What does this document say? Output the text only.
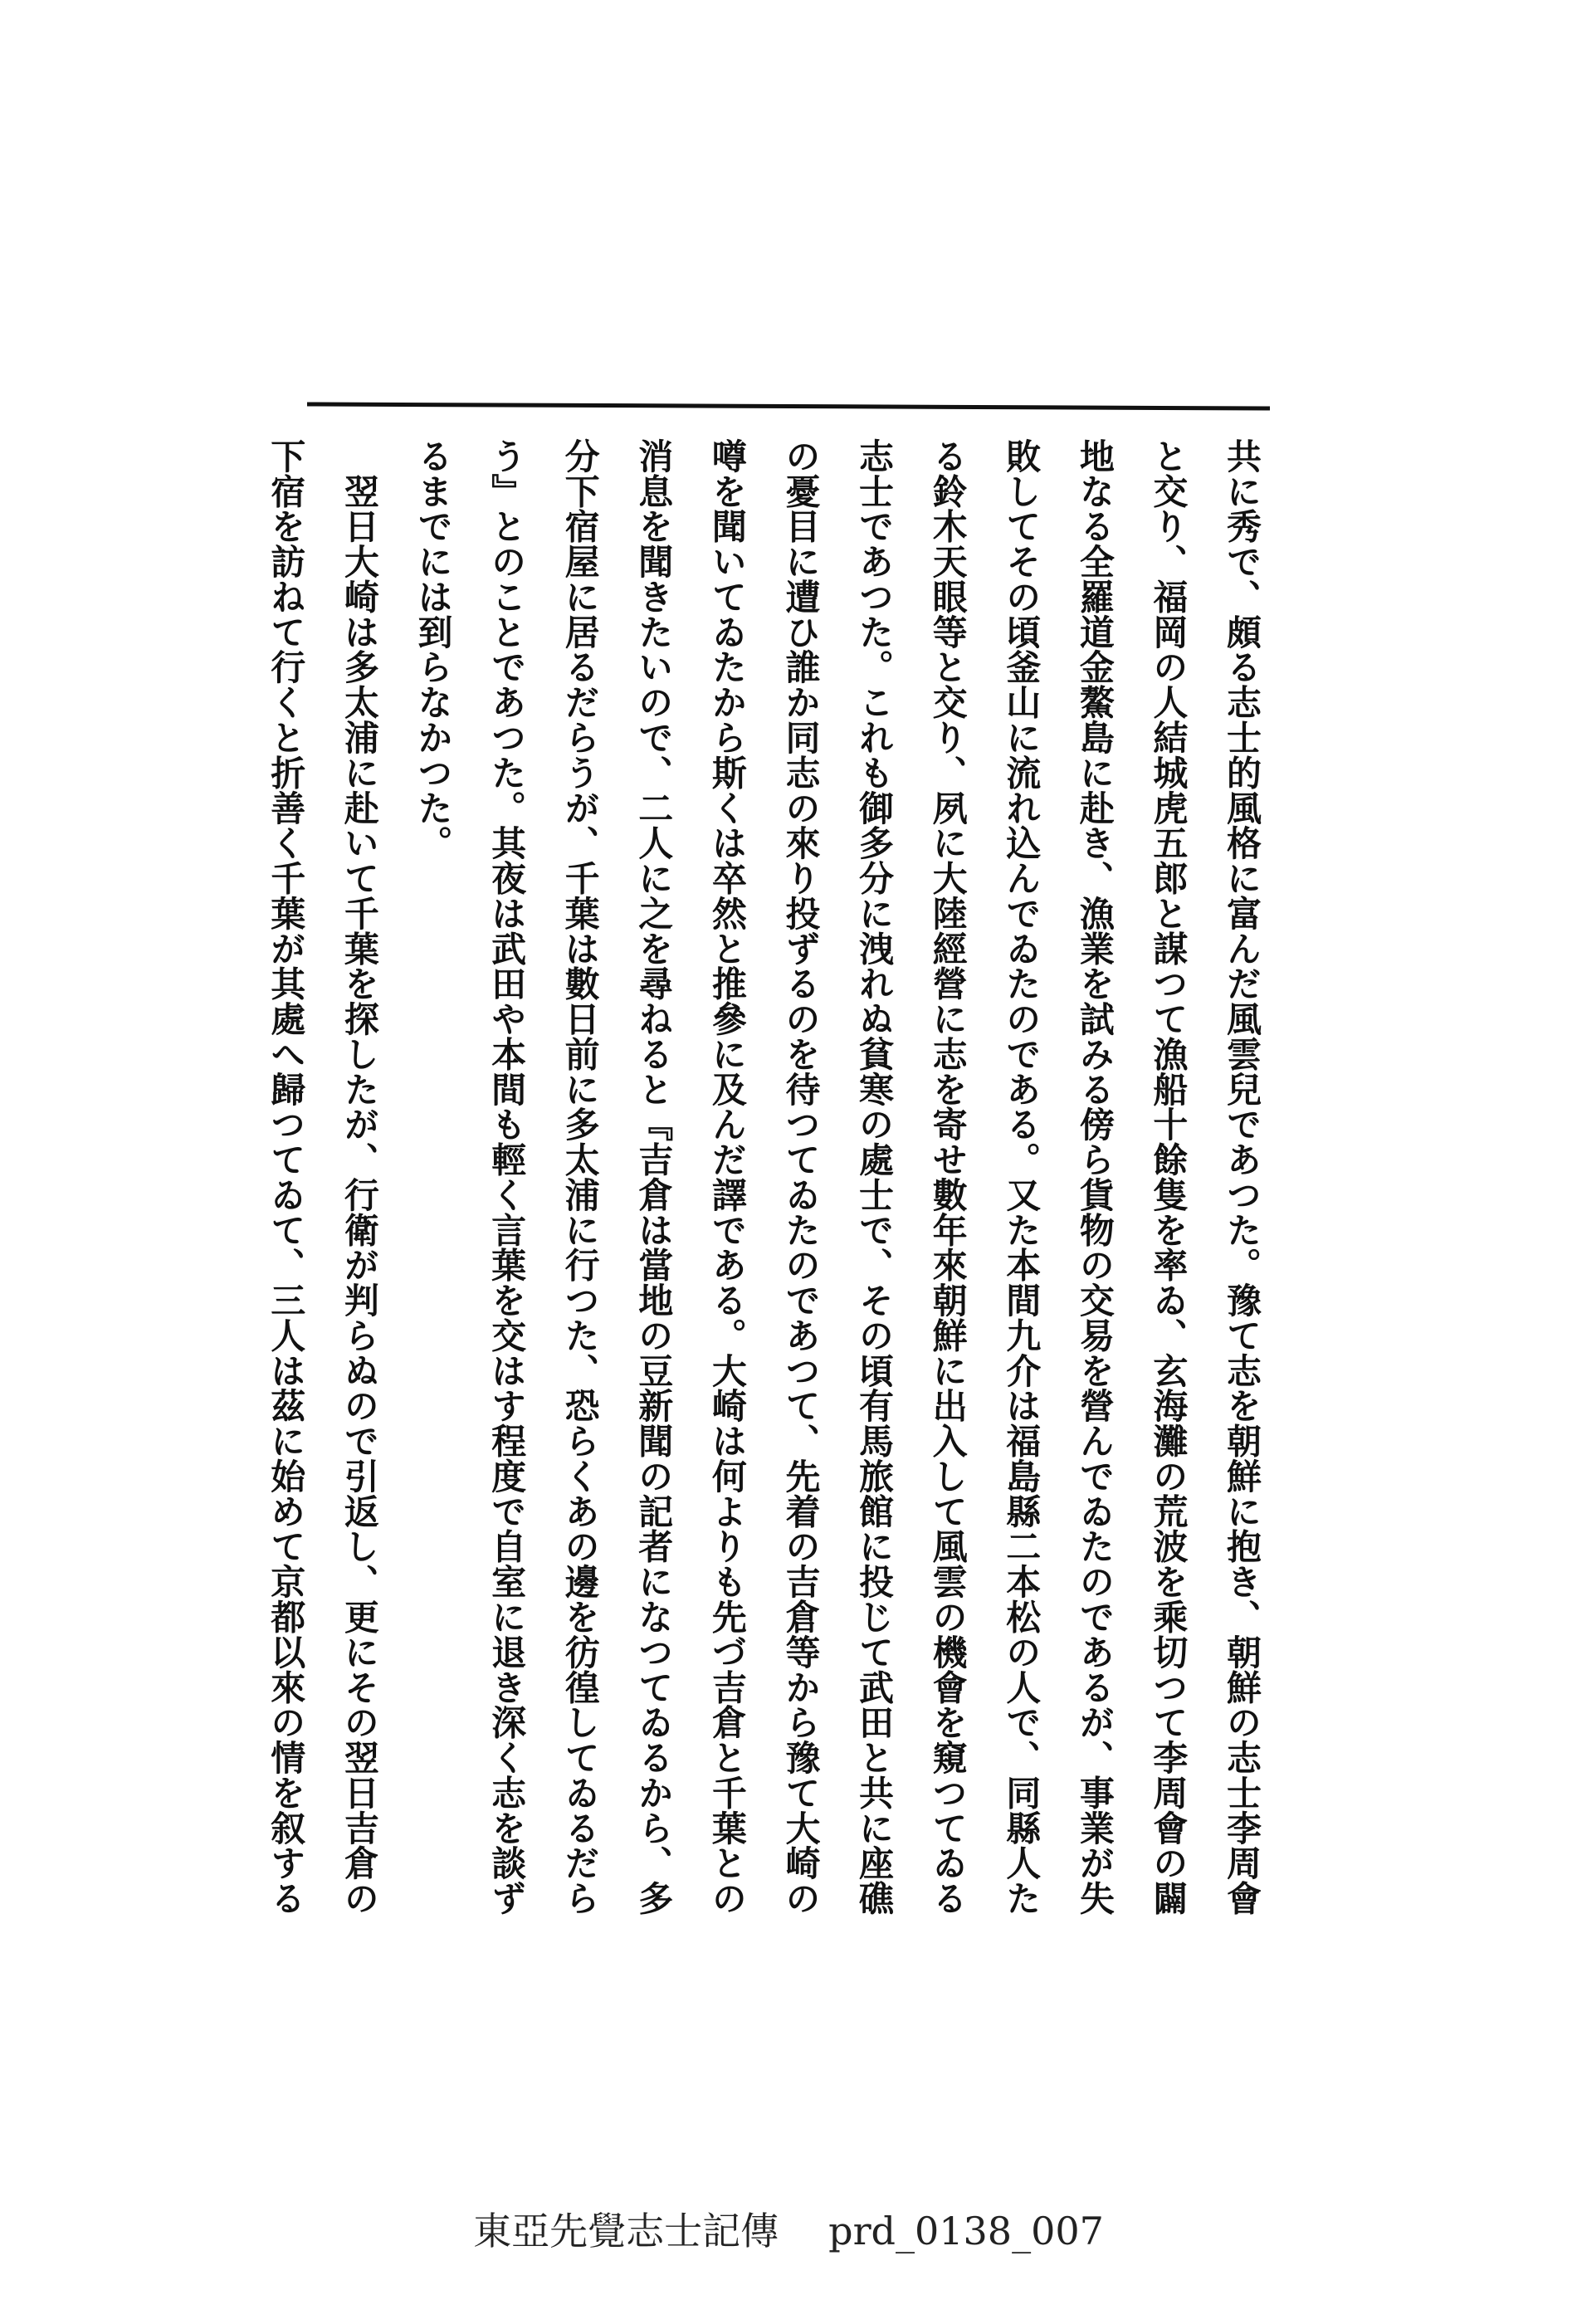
共に秀で、頗る志士的風格に富んだ風雲兒であつた。豫て志を朝鮮に抱き、朝鮮の志士李周會
と交り、福岡の人結城虎五郎と謀つて漁船十餘隻を率ゐ、玄海灘の荒波を乘切つて李周會の闢
地なる全羅道金鰲島に赴き、漁業を試みる傍ら貨物の交易を營んでゐたのであるが、事業が失
敗してその頃釜山に流れ込んでゐたのである。又た本間九介は福島縣二本松の人で、同縣人た
る鈴木天眼等と交り、夙に大陸經營に志を寄せ數年來朝鮮に出入して風雲の機會を窺つてゐる
志士であつた。これも御多分に洩れぬ貧寒の處士で、その頃有馬旅館に投じて武田と共に座礁
の憂目に遭ひ誰か同志の來り投ずるのを待つてゐたのであつて、先着の吉倉等から豫て大崎の
噂を聞いてゐたから斯くは卒然と推參に及んだ譯である。大崎は何よりも先づ吉倉と千葉との
消息を聞きたいので、二人に之を尋ねると『吉倉は當地の豆新聞の記者になつてゐるから、多
分下宿屋に居るだらうが、千葉は數日前に多太浦に行つた、恐らくあの邊を彷徨してゐるだら
う』とのことであつた。其夜は武田や本間も輕く言葉を交はす程度で自室に退き深く志を談ず
るまでには到らなかつた。
　翌日大崎は多太浦に赴いて千葉を探したが、行衛が判らぬので引返し、更にその翌日吉倉の
下宿を訪ねて行くと折善く千葉が其處へ歸つてゐて、三人は茲に始めて京都以來の情を叙する
東亞先覺志士記傳 prd_0138_007
